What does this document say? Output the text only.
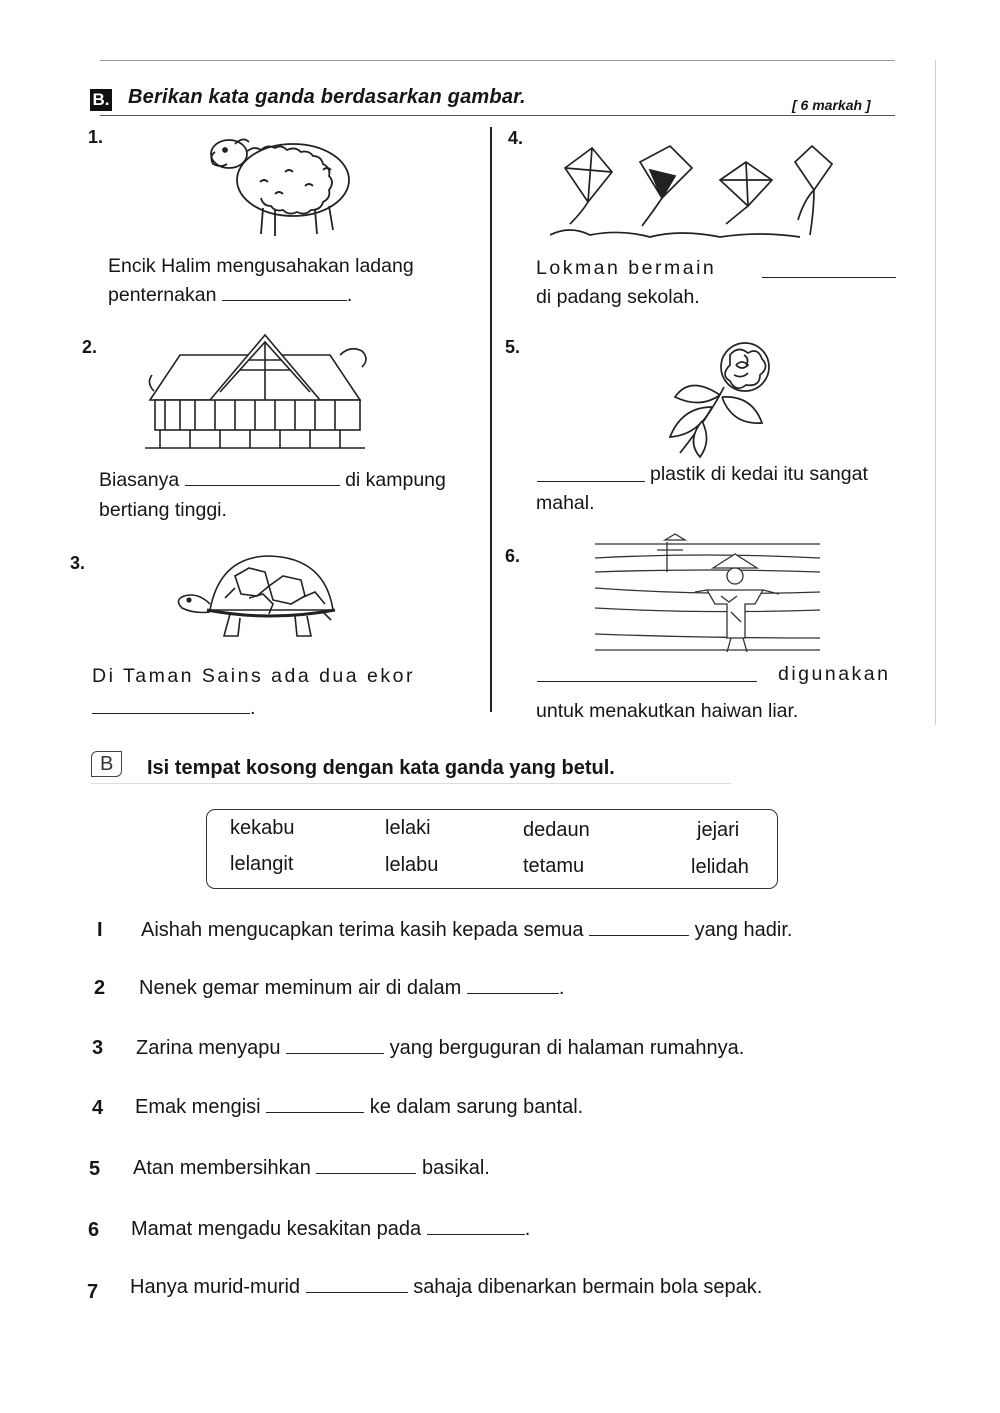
B. Berikan kata ganda berdasarkan gambar.	[ 6 markah ]
1.
Encik Halim mengusahakan ladang
penternakan	.
2.
Biasanya	di kampung
bertiang tinggi.
3.
Di Taman Sains ada dua ekor
.
4.
Lokman bermain
di padang sekolah.
5.
plastik di kedai itu sangat
mahal.
6.
digunakan
untuk menakutkan haiwan liar.
B	Isi tempat kosong dengan kata ganda yang betul.
kekabu	lelaki	dedaun	jejari
lelangit	lelabu	tetamu	lelidah
I Aishah mengucapkan terima kasih kepada semua	yang hadir.
2 Nenek gemar meminum air di dalam	.
3 Zarina menyapu	yang berguguran di halaman rumahnya.
4 Emak mengisi	ke dalam sarung bantal.
5 Atan membersihkan	basikal.
6 Mamat mengadu kesakitan pada	.
7 Hanya murid-murid	sahaja dibenarkan bermain bola sepak.
